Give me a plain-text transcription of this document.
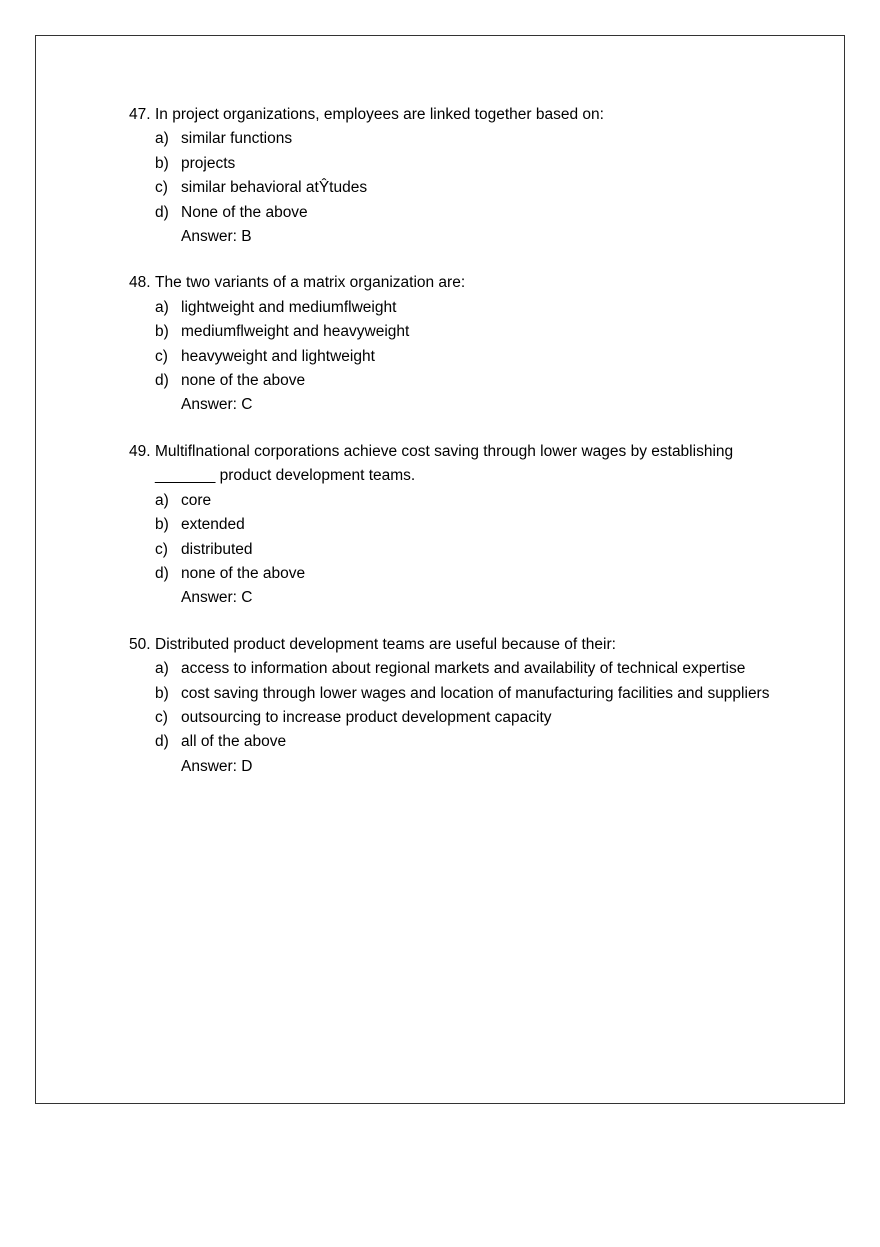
47. In project organizations, employees are linked together based on:
a) similar functions
b) projects
c) similar behavioral atŶtudes
d) None of the above
Answer: B
48. The two variants of a matrix organization are:
a) lightweight and mediumflweight
b) mediumflweight and heavyweight
c) heavyweight and lightweight
d) none of the above
Answer: C
49. Multiflnational corporations achieve cost saving through lower wages by establishing _______ product development teams.
a) core
b) extended
c) distributed
d) none of the above
Answer: C
50. Distributed product development teams are useful because of their:
a) access to information about regional markets and availability of technical expertise
b) cost saving through lower wages and location of manufacturing facilities and suppliers
c) outsourcing to increase product development capacity
d) all of the above
Answer: D
